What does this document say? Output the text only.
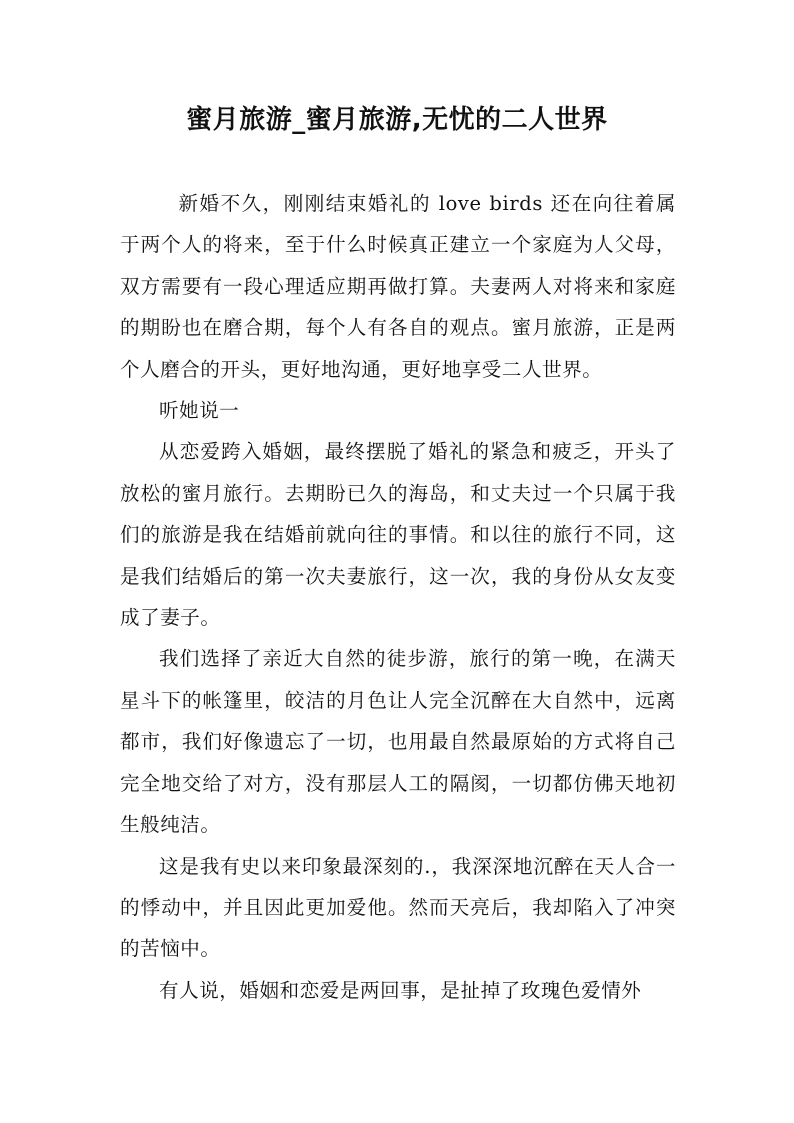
蜜月旅游_蜜月旅游,无忧的二人世界

新婚不久，刚刚结束婚礼的 love birds 还在向往着属于两个人的将来，至于什么时候真正建立一个家庭为人父母，双方需要有一段心理适应期再做打算。夫妻两人对将来和家庭的期盼也在磨合期，每个人有各自的观点。蜜月旅游，正是两个人磨合的开头，更好地沟通，更好地享受二人世界。

听她说一

从恋爱跨入婚姻，最终摆脱了婚礼的紧急和疲乏，开头了放松的蜜月旅行。去期盼已久的海岛，和丈夫过一个只属于我们的旅游是我在结婚前就向往的事情。和以往的旅行不同，这是我们结婚后的第一次夫妻旅行，这一次，我的身份从女友变成了妻子。

我们选择了亲近大自然的徒步游，旅行的第一晚，在满天星斗下的帐篷里，皎洁的月色让人完全沉醉在大自然中，远离都市，我们好像遗忘了一切，也用最自然最原始的方式将自己完全地交给了对方，没有那层人工的隔阂，一切都仿佛天地初生般纯洁。

这是我有史以来印象最深刻的.，我深深地沉醉在天人合一的悸动中，并且因此更加爱他。然而天亮后，我却陷入了冲突的苦恼中。

有人说，婚姻和恋爱是两回事，是扯掉了玫瑰色爱情外
